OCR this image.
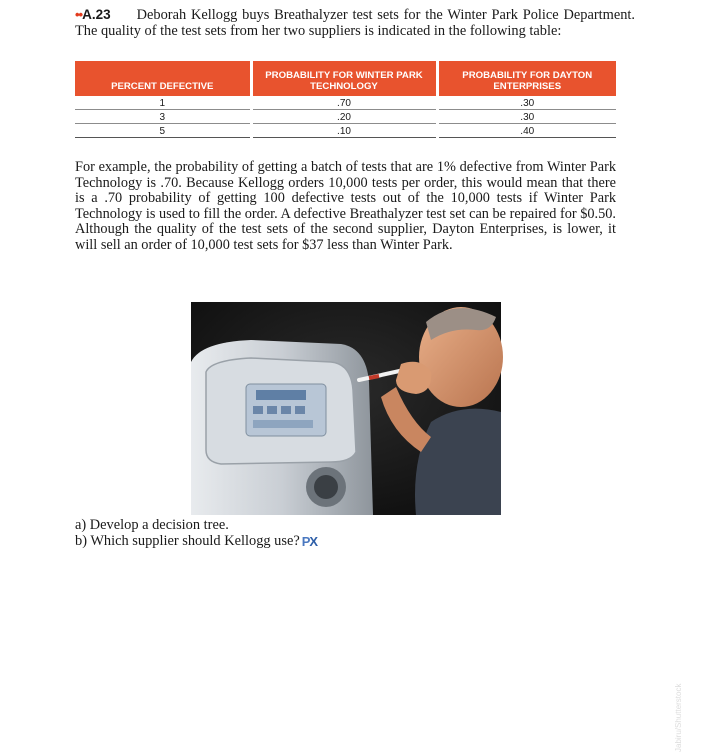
••A.23 Deborah Kellogg buys Breathalyzer test sets for the Winter Park Police Department. The quality of the test sets from her two suppliers is indicated in the following table:
PERCENT DEFECTIVE	PROBABILITY FOR WINTER PARK TECHNOLOGY	PROBABILITY FOR DAYTON ENTERPRISES
1	.70	.30
3	.20	.30
5	.10	.40
For example, the probability of getting a batch of tests that are 1% defective from Winter Park Technology is .70. Because Kellogg orders 10,000 tests per order, this would mean that there is a .70 probability of getting 100 defective tests out of the 10,000 tests if Winter Park Technology is used to fill the order. A defective Breathalyzer test set can be repaired for $0.50. Although the quality of the test sets of the second supplier, Dayton Enterprises, is lower, it will sell an order of 10,000 test sets for $37 less than Winter Park.
Jabiru/Shutterstock
a) Develop a decision tree.
b) Which supplier should Kellogg use? PX
